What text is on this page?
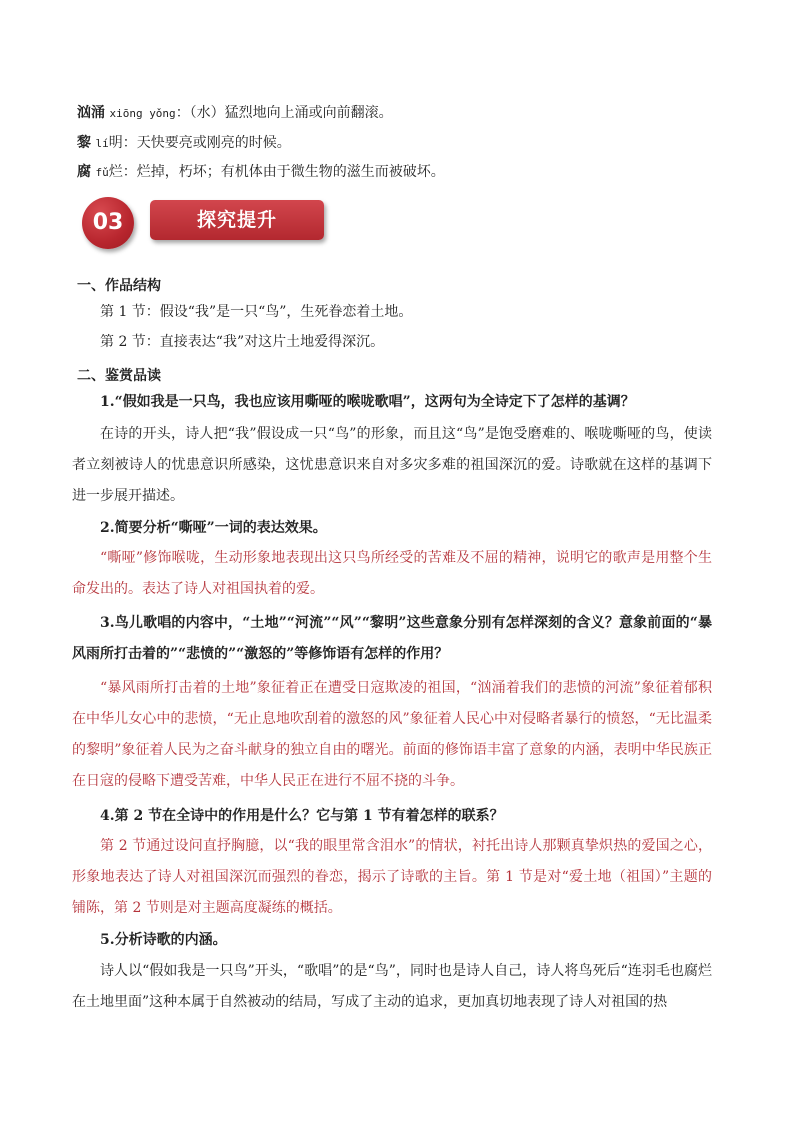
汹涌 xiōng yǒng：（水）猛烈地向上涌或向前翻滚。
黎 lí明：天快要亮或刚亮的时候。
腐 fǔ烂：烂掉，朽坏；有机体由于微生物的滋生而被破坏。
03	探究提升
一、作品结构
第 1 节：假设“我”是一只“鸟”，生死眷恋着土地。
第 2 节：直接表达“我”对这片土地爱得深沉。
二、鉴赏品读
1.“假如我是一只鸟，我也应该用嘶哑的喉咙歌唱”，这两句为全诗定下了怎样的基调？
在诗的开头，诗人把“我”假设成一只“鸟”的形象，而且这“鸟”是饱受磨难的、喉咙嘶哑的鸟，使读者立刻被诗人的忧患意识所感染，这忧患意识来自对多灾多难的祖国深沉的爱。诗歌就在这样的基调下进一步展开描述。
2.简要分析“嘶哑”一词的表达效果。
“嘶哑”修饰喉咙，生动形象地表现出这只鸟所经受的苦难及不屈的精神，说明它的歌声是用整个生命发出的。表达了诗人对祖国执着的爱。
3.鸟儿歌唱的内容中，“土地”“河流”“风”“黎明”这些意象分别有怎样深刻的含义？意象前面的“暴风雨所打击着的”“悲愤的”“激怒的”等修饰语有怎样的作用？
“暴风雨所打击着的土地”象征着正在遭受日寇欺凌的祖国，“汹涌着我们的悲愤的河流”象征着郁积在中华儿女心中的悲愤，“无止息地吹刮着的激怒的风”象征着人民心中对侵略者暴行的愤怒，“无比温柔的黎明”象征着人民为之奋斗献身的独立自由的曙光。前面的修饰语丰富了意象的内涵，表明中华民族正在日寇的侵略下遭受苦难，中华人民正在进行不屈不挠的斗争。
4.第 2 节在全诗中的作用是什么？它与第 1 节有着怎样的联系？
第 2 节通过设问直抒胸臆，以“我的眼里常含泪水”的情状，衬托出诗人那颗真挚炽热的爱国之心，形象地表达了诗人对祖国深沉而强烈的眷恋，揭示了诗歌的主旨。第 1 节是对“爱土地（祖国）”主题的铺陈，第 2 节则是对主题高度凝练的概括。
5.分析诗歌的内涵。
诗人以“假如我是一只鸟”开头，“歌唱”的是“鸟”，同时也是诗人自己，诗人将鸟死后“连羽毛也腐烂在土地里面”这种本属于自然被动的结局，写成了主动的追求，更加真切地表现了诗人对祖国的热
